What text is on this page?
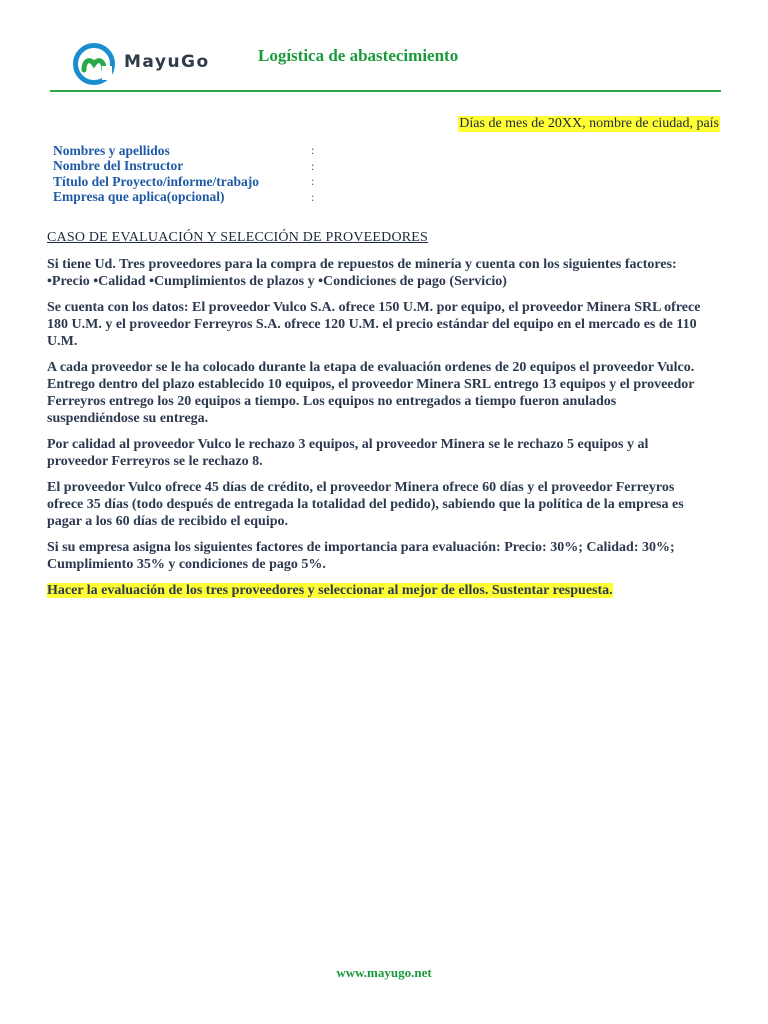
MayuGo	Logística de abastecimiento
Días de mes de 20XX, nombre de ciudad, país
Nombres y apellidos	:
Nombre del Instructor	:
Título del Proyecto/informe/trabajo	:
Empresa que aplica(opcional)	:

CASO DE EVALUACIÓN Y SELECCIÓN DE PROVEEDORES

Si tiene Ud. Tres proveedores para la compra de repuestos de minería y cuenta con los siguientes factores: •Precio •Calidad •Cumplimientos de plazos y •Condiciones de pago (Servicio)

Se cuenta con los datos: El proveedor Vulco S.A. ofrece 150 U.M. por equipo, el proveedor Minera SRL ofrece 180 U.M. y el proveedor Ferreyros S.A. ofrece 120 U.M. el precio estándar del equipo en el mercado es de 110 U.M.

A cada proveedor se le ha colocado durante la etapa de evaluación ordenes de 20 equipos el proveedor Vulco. Entrego dentro del plazo establecido 10 equipos, el proveedor Minera SRL entrego 13 equipos y el proveedor Ferreyros entrego los 20 equipos a tiempo. Los equipos no entregados a tiempo fueron anulados suspendiéndose su entrega.

Por calidad al proveedor Vulco le rechazo 3 equipos, al proveedor Minera se le rechazo 5 equipos y al proveedor Ferreyros se le rechazo 8.

El proveedor Vulco ofrece 45 días de crédito, el proveedor Minera ofrece 60 días y el proveedor Ferreyros ofrece 35 días (todo después de entregada la totalidad del pedido), sabiendo que la política de la empresa es pagar a los 60 días de recibido el equipo.

Si su empresa asigna los siguientes factores de importancia para evaluación: Precio: 30%; Calidad: 30%; Cumplimiento 35% y condiciones de pago 5%.

Hacer la evaluación de los tres proveedores y seleccionar al mejor de ellos. Sustentar respuesta.

www.mayugo.net
